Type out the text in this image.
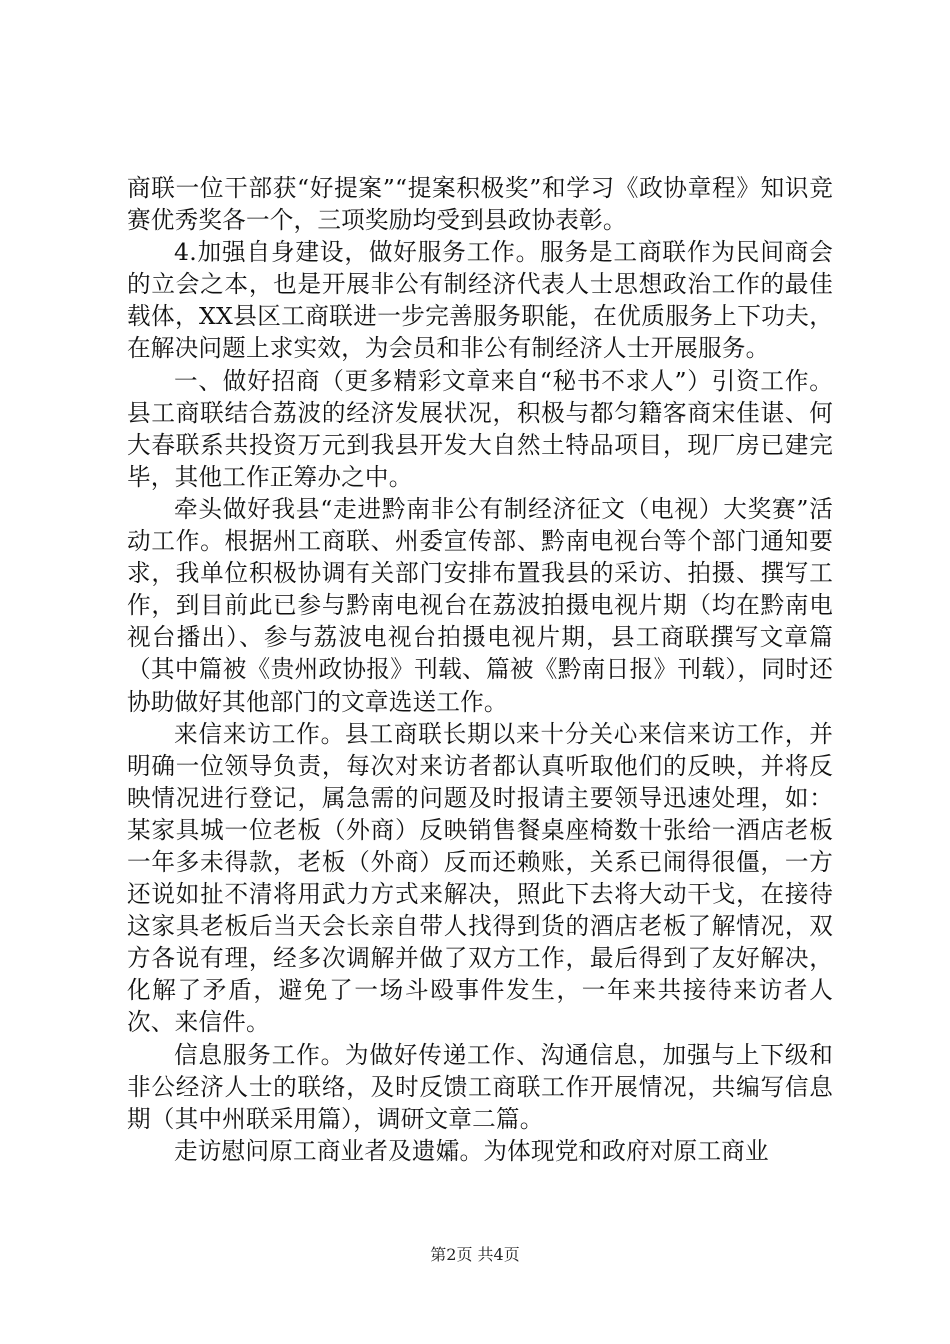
商联一位干部获“好提案”“提案积极奖”和学习《政协章程》知识竞赛优秀奖各一个，三项奖励均受到县政协表彰。

4.加强自身建设，做好服务工作。服务是工商联作为民间商会的立会之本，也是开展非公有制经济代表人士思想政治工作的最佳载体，XX县区工商联进一步完善服务职能，在优质服务上下功夫，在解决问题上求实效，为会员和非公有制经济人士开展服务。

一、做好招商（更多精彩文章来自“秘书不求人”）引资工作。县工商联结合荔波的经济发展状况，积极与都匀籍客商宋佳谌、何大春联系共投资万元到我县开发大自然土特品项目，现厂房已建完毕，其他工作正筹办之中。

牵头做好我县“走进黔南非公有制经济征文（电视）大奖赛”活动工作。根据州工商联、州委宣传部、黔南电视台等个部门通知要求，我单位积极协调有关部门安排布置我县的采访、拍摄、撰写工作，到目前此已参与黔南电视台在荔波拍摄电视片期（均在黔南电视台播出）、参与荔波电视台拍摄电视片期，县工商联撰写文章篇（其中篇被《贵州政协报》刊载、篇被《黔南日报》刊载），同时还协助做好其他部门的文章选送工作。

来信来访工作。县工商联长期以来十分关心来信来访工作，并明确一位领导负责，每次对来访者都认真听取他们的反映，并将反映情况进行登记，属急需的问题及时报请主要领导迅速处理，如：某家具城一位老板（外商）反映销售餐桌座椅数十张给一酒店老板一年多未得款，老板（外商）反而还赖账，关系已闹得很僵，一方还说如扯不清将用武力方式来解决，照此下去将大动干戈，在接待这家具老板后当天会长亲自带人找得到货的酒店老板了解情况，双方各说有理，经多次调解并做了双方工作，最后得到了友好解决，化解了矛盾，避免了一场斗殴事件发生，一年来共接待来访者人次、来信件。

信息服务工作。为做好传递工作、沟通信息，加强与上下级和非公经济人士的联络，及时反馈工商联工作开展情况，共编写信息期（其中州联采用篇），调研文章二篇。

走访慰问原工商业者及遗孀。为体现党和政府对原工商业

第2页 共4页
